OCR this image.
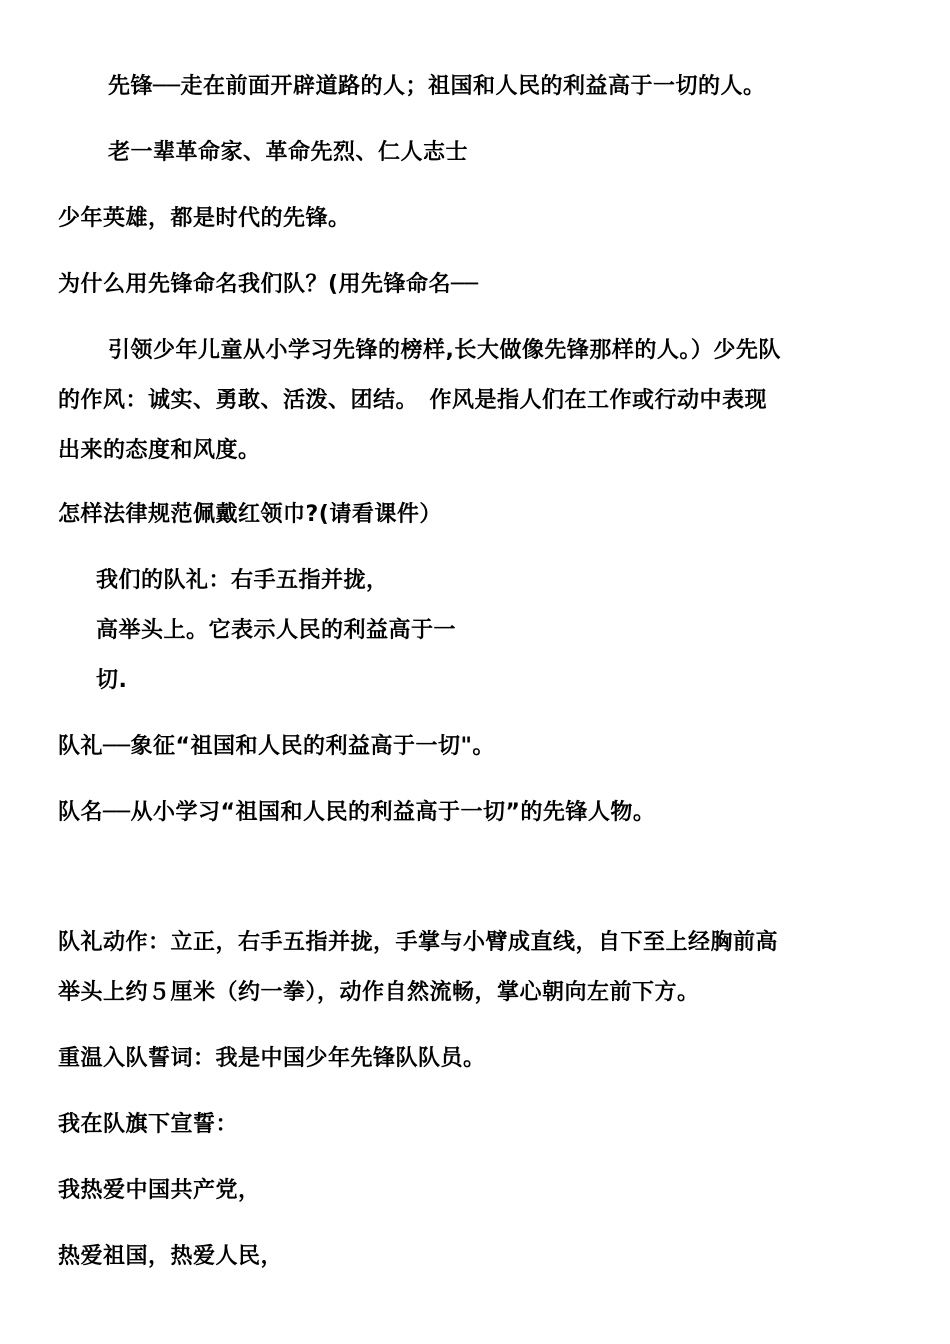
先锋──走在前面开辟道路的人；祖国和人民的利益高于一切的人。
老一辈革命家、革命先烈、仁人志士
少年英雄，都是时代的先锋。
为什么用先锋命名我们队？(用先锋命名──
引领少年儿童从小学习先锋的榜样,长大做像先锋那样的人。）少先队
的作风：诚实、勇敢、活泼、团结。　作风是指人们在工作或行动中表现
出来的态度和风度。
怎样法律规范佩戴红领巾?(请看课件）
我们的队礼：右手五指并拢，
高举头上。它表示人民的利益高于一
切.
队礼──象征“祖国和人民的利益高于一切"。
队名──从小学习“祖国和人民的利益高于一切”的先锋人物。
队礼动作：立正，右手五指并拢，手掌与小臂成直线，自下至上经胸前高
举头上约５厘米（约一拳），动作自然流畅，掌心朝向左前下方。
重温入队誓词：我是中国少年先锋队队员。
我在队旗下宣誓：
我热爱中国共产党，
热爱祖国，热爱人民，
